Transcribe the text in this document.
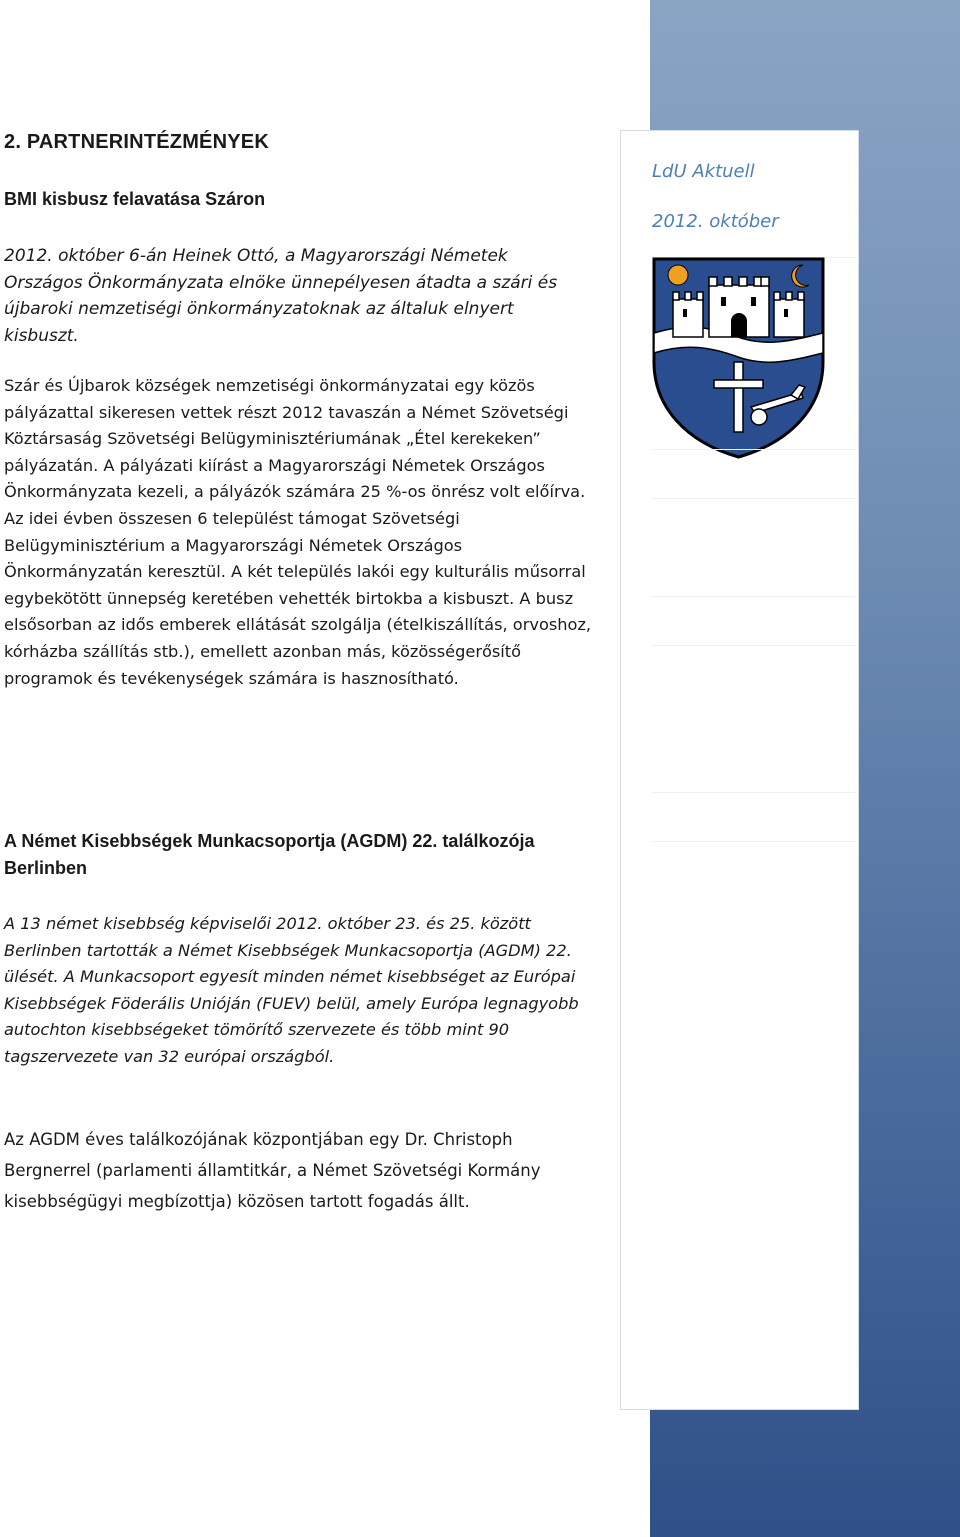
LdU Aktuell
2012. október
2. PARTNERINTÉZMÉNYEK
BMI kisbusz felavatása Száron

2012. október 6-án Heinek Ottó, a Magyarországi Németek Országos Önkormányzata elnöke ünnepélyesen átadta a szári és újbaroki nemzetiségi önkormányzatoknak az általuk elnyert kisbuszt.

Szár és Újbarok községek nemzetiségi önkormányzatai egy közös pályázattal sikeresen vettek részt 2012 tavaszán a Német Szövetségi Köztársaság Szövetségi Belügyminisztériumának „Étel kerekeken” pályázatán. A pályázati kiírást a Magyarországi Németek Országos Önkormányzata kezeli, a pályázók számára 25 %-os önrész volt előírva. Az idei évben összesen 6 települést támogat Szövetségi Belügyminisztérium a Magyarországi Németek Országos Önkormányzatán keresztül. A két település lakói egy kulturális műsorral egybekötött ünnepség keretében vehették birtokba a kisbuszt. A busz elsősorban az idős emberek ellátását szolgálja (ételkiszállítás, orvoshoz, kórházba szállítás stb.), emellett azonban más, közösségerősítő programok és tevékenységek számára is hasznosítható.

A Német Kisebbségek Munkacsoportja (AGDM) 22. találkozója Berlinben

A 13 német kisebbség képviselői 2012. október 23. és 25. között Berlinben tartották a Német Kisebbségek Munkacsoportja (AGDM) 22. ülését. A Munkacsoport egyesít minden német kisebbséget az Európai Kisebbségek Föderális Unióján (FUEV) belül, amely Európa legnagyobb autochton kisebbségeket tömörítő szervezete és több mint 90 tagszervezete van 32 európai országból.

Az AGDM éves találkozójának központjában egy Dr. Christoph Bergnerrel (parlamenti államtitkár, a Német Szövetségi Kormány kisebbségügyi megbízottja) közösen tartott fogadás állt.
